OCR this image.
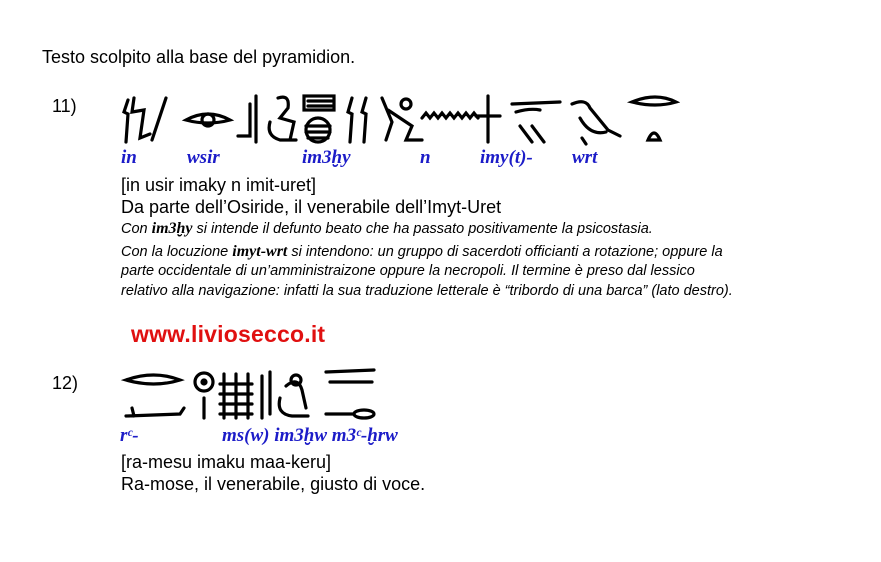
Testo scolpito alla base del pyramidion.
11)
in	wsir	im3ḫy	n	imy(t)- wrt
[in usir imaky n imit-uret]
Da parte dell’Osiride, il venerabile dell’Imyt-Uret
Con im3ḫy si intende il defunto beato che ha passato positivamente la psicostasia.
Con la locuzione imyt-wrt si intendono: un gruppo di sacerdoti officianti a rotazione; oppure la
parte occidentale di un’amministraizone oppure la necropoli. Il termine è preso dal lessico
relativo alla navigazione: infatti la sua traduzione letterale è “tribordo di una barca” (lato destro).
www.liviosecco.it
12)
rᶜ-	ms(w) im3ḫw m3ᶜ-ḫrw
[ra-mesu imaku maa-keru]
Ra-mose, il venerabile, giusto di voce.
